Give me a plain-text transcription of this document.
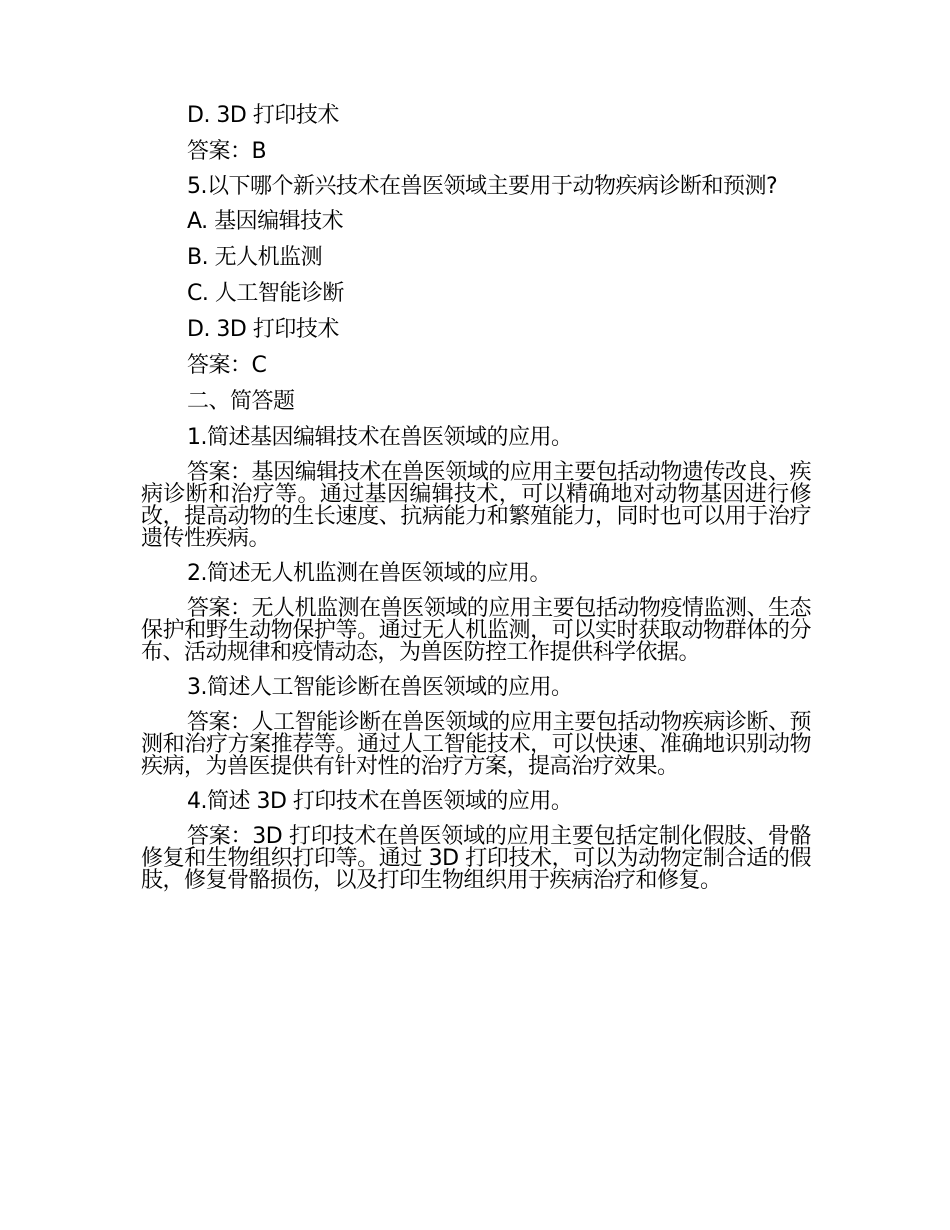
D. 3D 打印技术

答案：B

5.以下哪个新兴技术在兽医领域主要用于动物疾病诊断和预测?

A. 基因编辑技术

B. 无人机监测

C. 人工智能诊断

D. 3D 打印技术

答案：C

二、简答题

1.简述基因编辑技术在兽医领域的应用。

答案：基因编辑技术在兽医领域的应用主要包括动物遗传改良、疾病诊断和治疗等。通过基因编辑技术，可以精确地对动物基因进行修改，提高动物的生长速度、抗病能力和繁殖能力，同时也可以用于治疗遗传性疾病。

2.简述无人机监测在兽医领域的应用。

答案：无人机监测在兽医领域的应用主要包括动物疫情监测、生态保护和野生动物保护等。通过无人机监测，可以实时获取动物群体的分布、活动规律和疫情动态，为兽医防控工作提供科学依据。

3.简述人工智能诊断在兽医领域的应用。

答案：人工智能诊断在兽医领域的应用主要包括动物疾病诊断、预测和治疗方案推荐等。通过人工智能技术，可以快速、准确地识别动物疾病，为兽医提供有针对性的治疗方案，提高治疗效果。

4.简述 3D 打印技术在兽医领域的应用。

答案：3D 打印技术在兽医领域的应用主要包括定制化假肢、骨骼修复和生物组织打印等。通过 3D 打印技术，可以为动物定制合适的假肢，修复骨骼损伤，以及打印生物组织用于疾病治疗和修复。
